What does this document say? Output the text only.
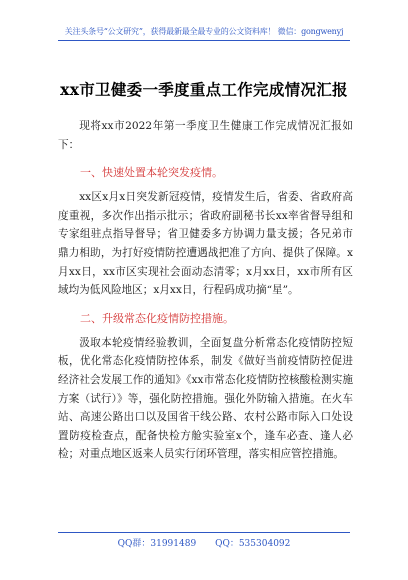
关注头条号“公文研究”，获得最新最全最专业的公文资料库！ 微信：gongwenyj
xx市卫健委一季度重点工作完成情况汇报

现将xx市2022年第一季度卫生健康工作完成情况汇报如下：

一、快速处置本轮突发疫情。

xx区x月x日突发新冠疫情，疫情发生后，省委、省政府高度重视，多次作出指示批示；省政府副秘书长xx率省督导组和专家组驻点指导督导；省卫健委多方协调力量支援；各兄弟市鼎力相助，为打好疫情防控遭遇战把准了方向、提供了保障。x月xx日，xx市区实现社会面动态清零；x月xx日，xx市所有区域均为低风险地区；x月xx日，行程码成功摘“星”。

二、升级常态化疫情防控措施。

汲取本轮疫情经验教训，全面复盘分析常态化疫情防控短板，优化常态化疫情防控体系，制发《做好当前疫情防控促进经济社会发展工作的通知》《xx市常态化疫情防控核酸检测实施方案（试行）》等，强化防控措施。强化外防输入措施。在火车站、高速公路出口以及国省干线公路、农村公路市际入口处设置防疫检查点，配备快检方舱实验室x个，逢车必查、逢人必检；对重点地区返来人员实行闭环管理，落实相应管控措施。

QQ群：31991489 QQ：535304092
